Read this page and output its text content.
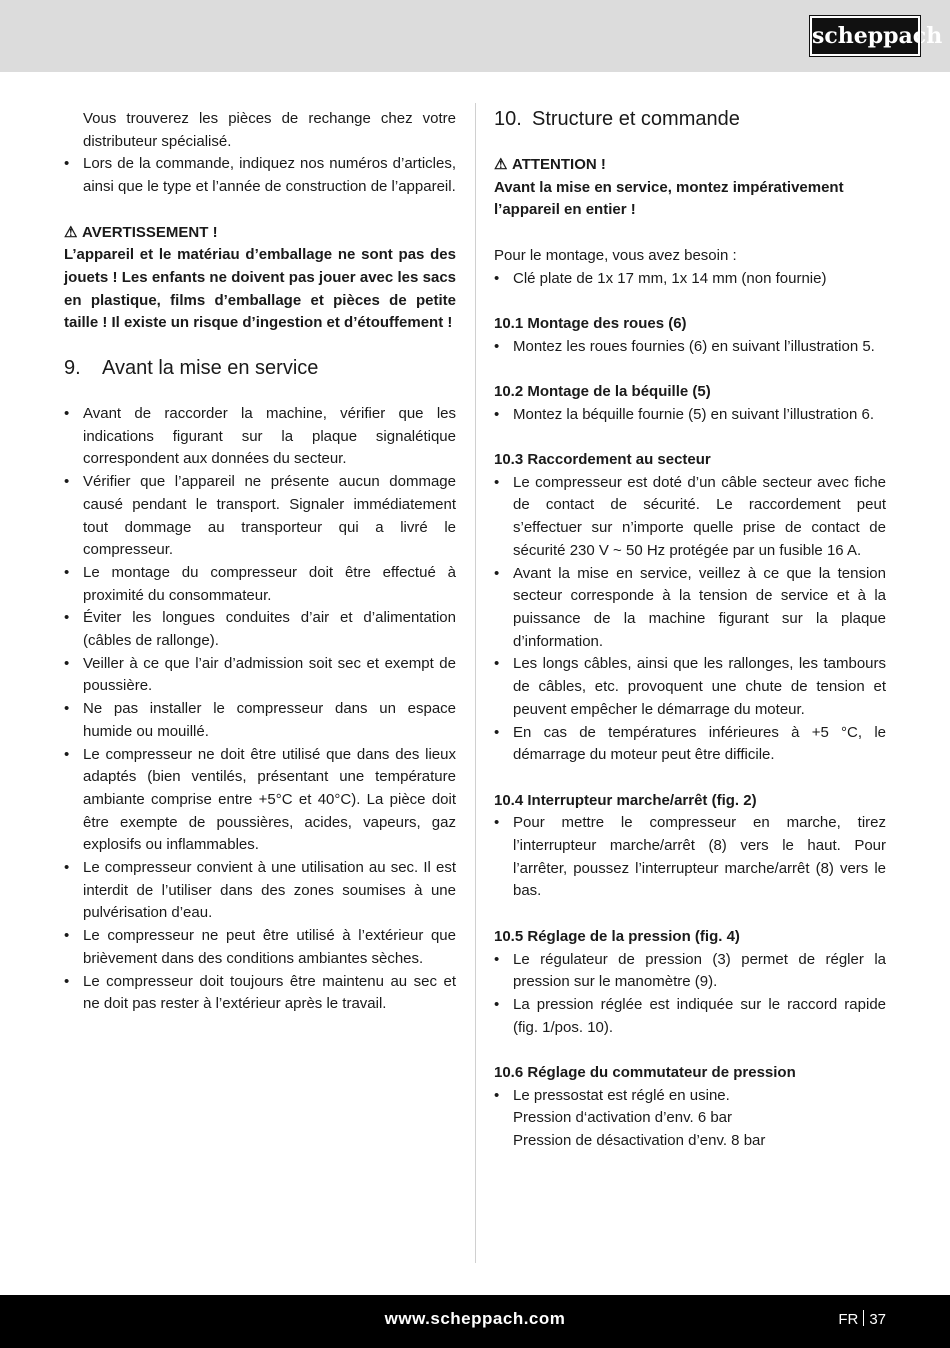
scheppach

Vous trouverez les pièces de rechange chez votre distributeur spécialisé.

• Lors de la commande, indiquez nos numéros d’articles, ainsi que le type et l’année de construction de l’appareil.

⚠ AVERTISSEMENT !

L’appareil et le matériau d’emballage ne sont pas des jouets ! Les enfants ne doivent pas jouer avec les sacs en plastique, films d’emballage et pièces de petite taille ! Il existe un risque d’ingestion et d’étouffement !

9. Avant la mise en service
• Avant de raccorder la machine, vérifier que les indications figurant sur la plaque signalétique correspondent aux données du secteur.
• Vérifier que l’appareil ne présente aucun dommage causé pendant le transport. Signaler immédiatement tout dommage au transporteur qui a livré le compresseur.
• Le montage du compresseur doit être effectué à proximité du consommateur.
• Éviter les longues conduites d’air et d’alimentation (câbles de rallonge).
• Veiller à ce que l’air d’admission soit sec et exempt de poussière.
• Ne pas installer le compresseur dans un espace humide ou mouillé.
• Le compresseur ne doit être utilisé que dans des lieux adaptés (bien ventilés, présentant une température ambiante comprise entre +5°C et 40°C). La pièce doit être exempte de poussières, acides, vapeurs, gaz explosifs ou inflammables.
• Le compresseur convient à une utilisation au sec. Il est interdit de l’utiliser dans des zones soumises à une pulvérisation d’eau.
• Le compresseur ne peut être utilisé à l’extérieur que brièvement dans des conditions ambiantes sèches.
• Le compresseur doit toujours être maintenu au sec et ne doit pas rester à l’extérieur après le travail.
10. Structure et commande

⚠ ATTENTION !

Avant la mise en service, montez impérativement l’appareil en entier !

Pour le montage, vous avez besoin :

• Clé plate de 1x 17 mm, 1x 14 mm (non fournie)

10.1 Montage des roues (6)

• Montez les roues fournies (6) en suivant l’illustration 5.

10.2 Montage de la béquille (5)

• Montez la béquille fournie (5) en suivant l’illustration 6.

10.3 Raccordement au secteur

• Le compresseur est doté d’un câble secteur avec fiche de contact de sécurité. Le raccordement peut s’effectuer sur n’importe quelle prise de contact de sécurité 230 V ~ 50 Hz protégée par un fusible 16 A.
• Avant la mise en service, veillez à ce que la tension secteur corresponde à la tension de service et à la puissance de la machine figurant sur la plaque d’information.
• Les longs câbles, ainsi que les rallonges, les tambours de câbles, etc. provoquent une chute de tension et peuvent empêcher le démarrage du moteur.
• En cas de températures inférieures à +5 °C, le démarrage du moteur peut être difficile.

10.4 Interrupteur marche/arrêt (fig. 2)

• Pour mettre le compresseur en marche, tirez l’interrupteur marche/arrêt (8) vers le haut. Pour l’arrêter, poussez l’interrupteur marche/arrêt (8) vers le bas.

10.5 Réglage de la pression (fig. 4)

• Le régulateur de pression (3) permet de régler la pression sur le manomètre (9).
• La pression réglée est indiquée sur le raccord rapide (fig. 1/pos. 10).

10.6 Réglage du commutateur de pression

• Le pressostat est réglé en usine.

Pression d‘activation d’env. 6 bar

Pression de désactivation d’env. 8 bar

www.scheppach.com	FR 37
